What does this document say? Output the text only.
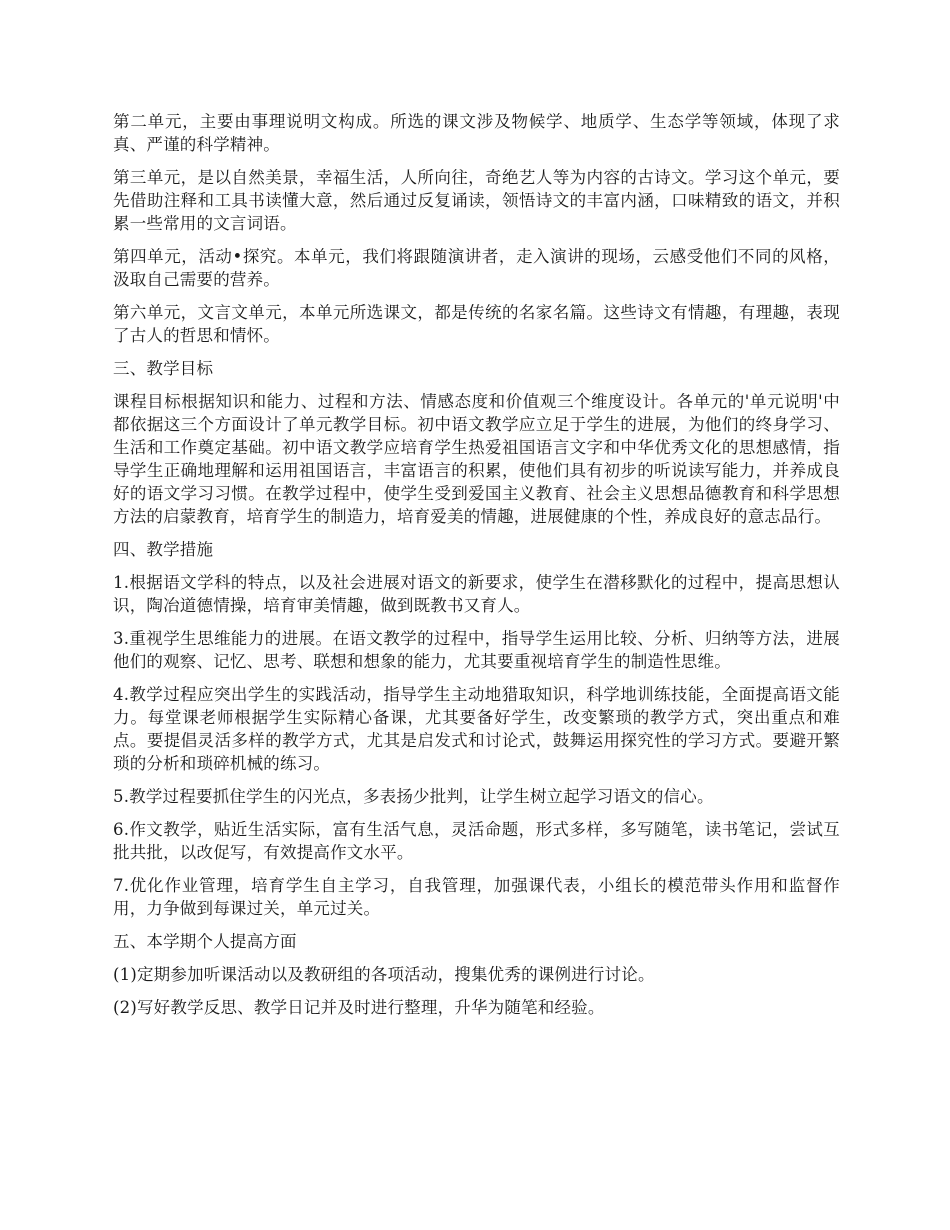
第二单元，主要由事理说明文构成。所选的课文涉及物候学、地质学、生态学等领域，体现了求真、严谨的科学精神。

第三单元，是以自然美景，幸福生活，人所向往，奇绝艺人等为内容的古诗文。学习这个单元，要先借助注释和工具书读懂大意，然后通过反复诵读，领悟诗文的丰富内涵，口味精致的语文，并积累一些常用的文言词语。

第四单元，活动•探究。本单元，我们将跟随演讲者，走入演讲的现场，云感受他们不同的风格，汲取自己需要的营养。

第六单元，文言文单元，本单元所选课文，都是传统的名家名篇。这些诗文有情趣，有理趣，表现了古人的哲思和情怀。

三、教学目标

课程目标根据知识和能力、过程和方法、情感态度和价值观三个维度设计。各单元的'单元说明'中都依据这三个方面设计了单元教学目标。初中语文教学应立足于学生的进展，为他们的终身学习、生活和工作奠定基础。初中语文教学应培育学生热爱祖国语言文字和中华优秀文化的思想感情，指导学生正确地理解和运用祖国语言，丰富语言的积累，使他们具有初步的听说读写能力，并养成良好的语文学习习惯。在教学过程中，使学生受到爱国主义教育、社会主义思想品德教育和科学思想方法的启蒙教育，培育学生的制造力，培育爱美的情趣，进展健康的个性，养成良好的意志品行。

四、教学措施

1.根据语文学科的特点，以及社会进展对语文的新要求，使学生在潜移默化的过程中，提高思想认识，陶冶道德情操，培育审美情趣，做到既教书又育人。

3.重视学生思维能力的进展。在语文教学的过程中，指导学生运用比较、分析、归纳等方法，进展他们的观察、记忆、思考、联想和想象的能力，尤其要重视培育学生的制造性思维。

4.教学过程应突出学生的实践活动，指导学生主动地猎取知识，科学地训练技能，全面提高语文能力。每堂课老师根据学生实际精心备课，尤其要备好学生，改变繁琐的教学方式，突出重点和难点。要提倡灵活多样的教学方式，尤其是启发式和讨论式，鼓舞运用探究性的学习方式。要避开繁琐的分析和琐碎机械的练习。

5.教学过程要抓住学生的闪光点，多表扬少批判，让学生树立起学习语文的信心。

6.作文教学，贴近生活实际，富有生活气息，灵活命题，形式多样，多写随笔，读书笔记，尝试互批共批，以改促写，有效提高作文水平。

7.优化作业管理，培育学生自主学习，自我管理，加强课代表，小组长的模范带头作用和监督作用，力争做到每课过关，单元过关。

五、本学期个人提高方面

(1)定期参加听课活动以及教研组的各项活动，搜集优秀的课例进行讨论。

(2)写好教学反思、教学日记并及时进行整理，升华为随笔和经验。
